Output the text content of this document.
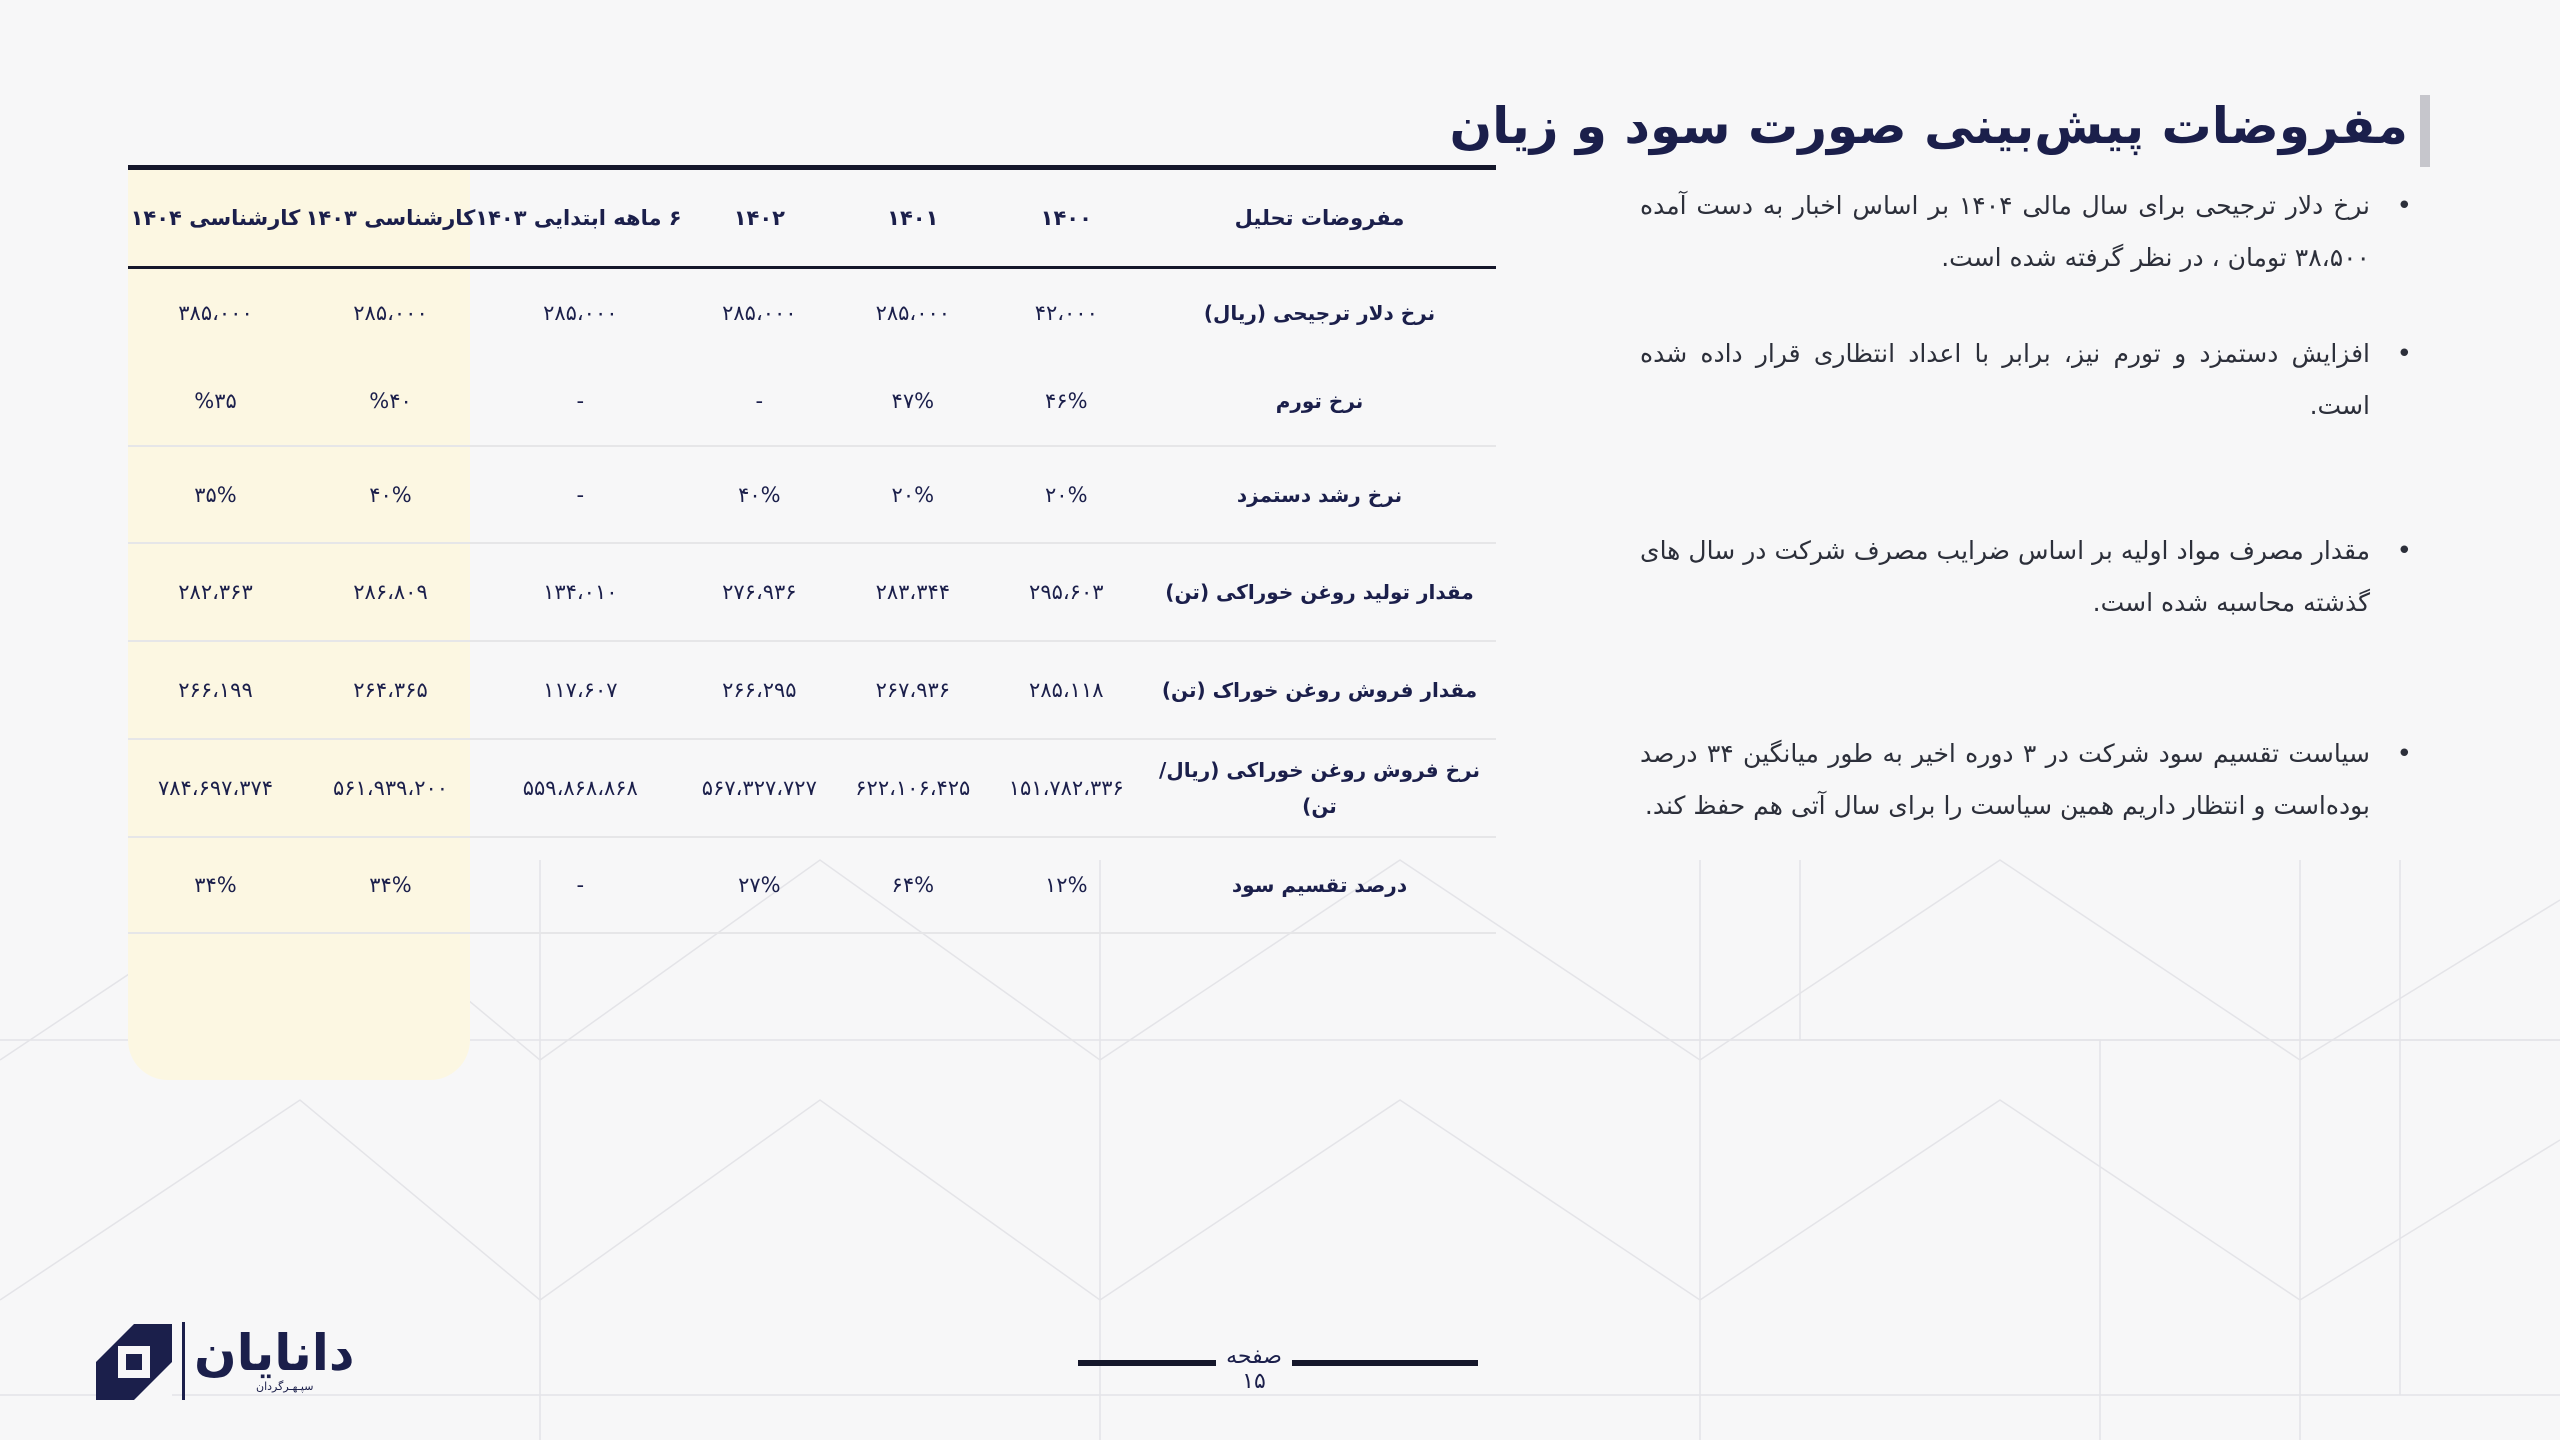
مفروضات پیش‌بینی صورت سود و زیان
•
نرخ دلار ترجیحی برای سال مالی ۱۴۰۴ بر اساس اخبار به دست آمده ۳۸،۵۰۰ تومان ، در نظر گرفته شده است.
•
افزایش دستمزد و تورم نیز، برابر با اعداد انتظاری قرار داده شده است.
•
مقدار مصرف مواد اولیه بر اساس ضرایب مصرف شرکت در سال های گذشته محاسبه شده است.
•
سیاست تقسیم سود شرکت در ۳ دوره اخیر به طور میانگین ۳۴ درصد بوده‌است و انتظار داریم همین سیاست را برای سال آتی هم حفظ کند.
مفروضات تحلیل	۱۴۰۰	۱۴۰۱	۱۴۰۲	۶ ماهه ابتدایی ۱۴۰۳	کارشناسی ۱۴۰۳	کارشناسی ۱۴۰۴
نرخ دلار ترجیحی (ریال)	۴۲،۰۰۰	۲۸۵،۰۰۰	۲۸۵،۰۰۰	۲۸۵،۰۰۰	۲۸۵،۰۰۰	۳۸۵،۰۰۰
نرخ تورم	۴۶%	۴۷%	-	-	%۴۰	%۳۵
نرخ رشد دستمزد	۲۰%	۲۰%	۴۰%	-	۴۰%	۳۵%
مقدار تولید روغن خوراکی (تن)	۲۹۵،۶۰۳	۲۸۳،۳۴۴	۲۷۶،۹۳۶	۱۳۴،۰۱۰	۲۸۶،۸۰۹	۲۸۲،۳۶۳
مقدار فروش روغن خوراک (تن)	۲۸۵،۱۱۸	۲۶۷،۹۳۶	۲۶۶،۲۹۵	۱۱۷،۶۰۷	۲۶۴،۳۶۵	۲۶۶،۱۹۹
نرخ فروش روغن خوراکی (ریال/تن)	۱۵۱،۷۸۲،۳۳۶	۶۲۲،۱۰۶،۴۲۵	۵۶۷،۳۲۷،۷۲۷	۵۵۹،۸۶۸،۸۶۸	۵۶۱،۹۳۹،۲۰۰	۷۸۴،۶۹۷،۳۷۴
درصد تقسیم سود	۱۲%	۶۴%	۲۷%	-	۳۴%	۳۴%
صفحه ۱۵
دانایان
سپـهـرگردان
